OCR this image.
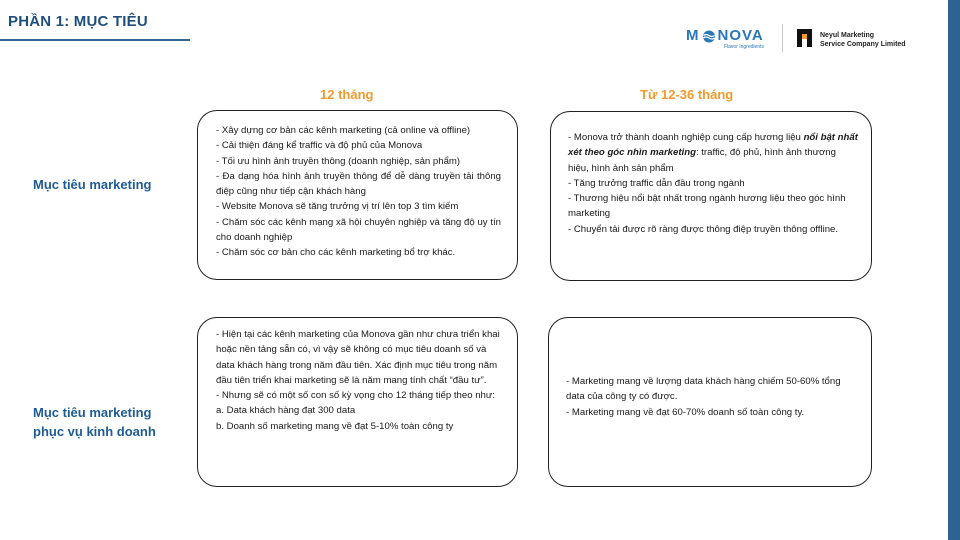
PHẦN 1: MỤC TIÊU
M NOVA
Flavor Ingredients
Neyul Marketing
Service Company Limited
12 tháng	Từ 12-36 tháng
Mục tiêu marketing
Mục tiêu marketing phục vụ kinh doanh
- Xây dựng cơ bản các kênh marketing (cả online và offline)
- Cải thiện đáng kể traffic và độ phủ của Monova
- Tối ưu hình ảnh truyền thông (doanh nghiệp, sản phẩm)
- Đa dạng hóa hình ảnh truyền thông để dễ dàng truyền tải thông điệp cũng như tiếp cận khách hàng
- Website Monova sẽ tăng trưởng vị trí lên top 3 tìm kiếm
- Chăm sóc các kênh mạng xã hội chuyên nghiệp và tăng độ uy tín cho doanh nghiệp
- Chăm sóc cơ bản cho các kênh marketing bổ trợ khác.
- Monova trở thành doanh nghiệp cung cấp hương liệu nổi bật nhất xét theo góc nhìn marketing: traffic, độ phủ, hình ảnh thương hiệu, hình ảnh sản phẩm
- Tăng trưởng traffic dẫn đầu trong ngành
- Thương hiệu nổi bật nhất trong ngành hương liệu theo góc hình marketing
- Chuyển tải được rõ ràng được thông điệp truyền thông offline.
- Hiện tại các kênh marketing của Monova gần như chưa triển khai hoặc nền tảng sẵn có, vì vậy sẽ không có mục tiêu doanh số và data khách hàng trong năm đầu tiên. Xác định mục tiêu trong năm đầu tiên triển khai marketing sẽ là năm mang tính chất “đầu tư”.
- Nhưng sẽ có một số con số kỳ vọng cho 12 tháng tiếp theo như:
a. Data khách hàng đạt 300 data
b. Doanh số marketing mang về đạt 5-10% toàn công ty
- Marketing mang về lượng data khách hàng chiếm 50-60% tổng data của công ty có được.
- Marketing mang về đạt 60-70% doanh số toàn công ty.
